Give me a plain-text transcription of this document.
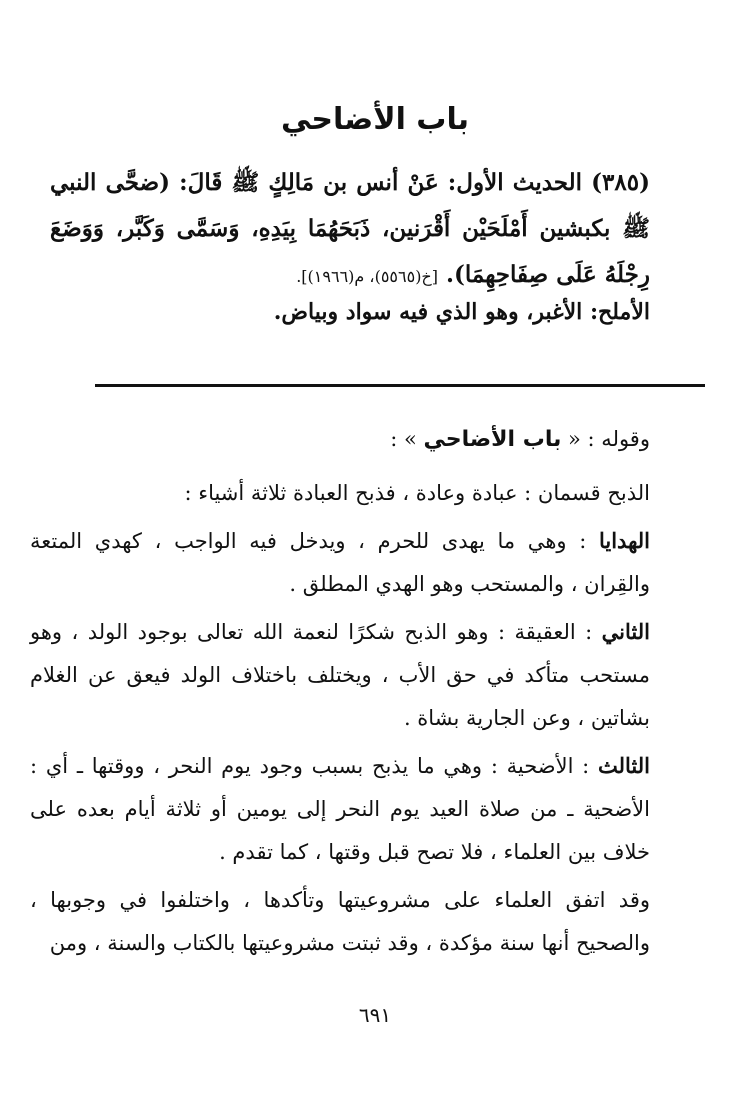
باب الأضاحي
(٣٨٥) الحديث الأول: عَنْ أنس بن مَالِكٍ ﷺ قَالَ: (ضحَّى النبي ﷺ بكبشين أَمْلَحَيْن أَقْرَنين، ذَبَحَهُمَا بِيَدِهِ، وَسَمَّى وَكَبَّر، وَوَضَعَ رِجْلَهُ عَلَى صِفَاحِهِمَا). [خ(٥٥٦٥)، م(١٩٦٦)].
الأملح: الأغبر، وهو الذي فيه سواد وبياض.

وقوله : « باب الأضاحي » :

الذبح قسمان : عبادة وعادة ، فذبح العبادة ثلاثة أشياء :

الهدايا : وهي ما يهدى للحرم ، ويدخل فيه الواجب ، كهدي المتعة والقِران ، والمستحب وهو الهدي المطلق .

الثاني : العقيقة : وهو الذبح شكرًا لنعمة الله تعالى بوجود الولد ، وهو مستحب متأكد في حق الأب ، ويختلف باختلاف الولد فيعق عن الغلام بشاتين ، وعن الجارية بشاة .

الثالث : الأضحية : وهي ما يذبح بسبب وجود يوم النحر ، ووقتها ـ أي : الأضحية ـ من صلاة العيد يوم النحر إلى يومين أو ثلاثة أيام بعده على خلاف بين العلماء ، فلا تصح قبل وقتها ، كما تقدم .

وقد اتفق العلماء على مشروعيتها وتأكدها ، واختلفوا في وجوبها ، والصحيح أنها سنة مؤكدة ، وقد ثبتت مشروعيتها بالكتاب والسنة ، ومن

٦٩١
